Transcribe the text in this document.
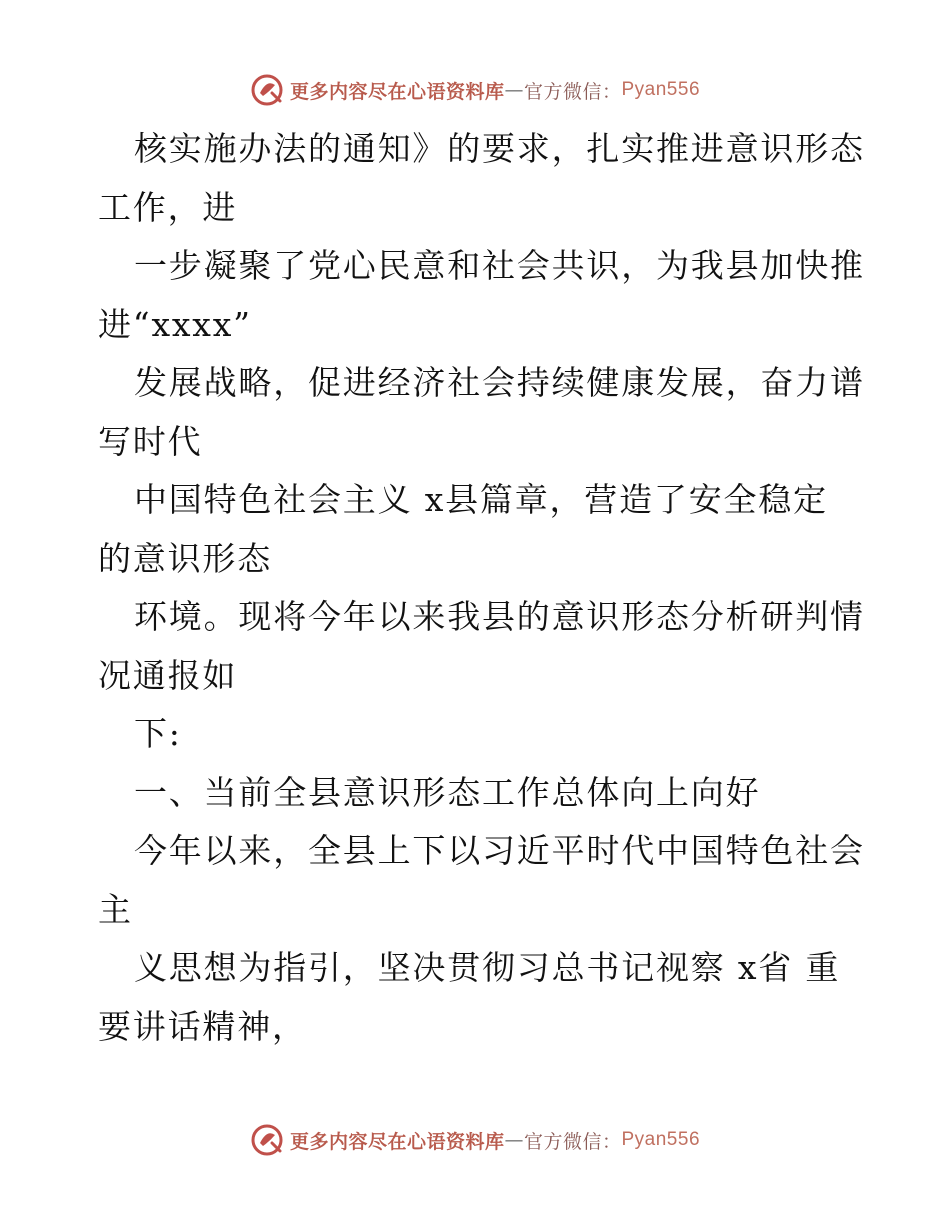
更多内容尽在心语资料库 — 官方微信： Pyan556
核实施办法的通知》的要求，扎实推进意识形态
工作，进
一步凝聚了党心民意和社会共识，为我县加快推
进“xxxx”
发展战略，促进经济社会持续健康发展，奋力谱
写时代
中国特色社会主义 x县篇章，营造了安全稳定
的意识形态
环境。现将今年以来我县的意识形态分析研判情
况通报如
下:
一、当前全县意识形态工作总体向上向好
今年以来，全县上下以习近平时代中国特色社会
主
义思想为指引，坚决贯彻习总书记视察 x省 重
要讲话精神，
更多内容尽在心语资料库 — 官方微信： Pyan556
